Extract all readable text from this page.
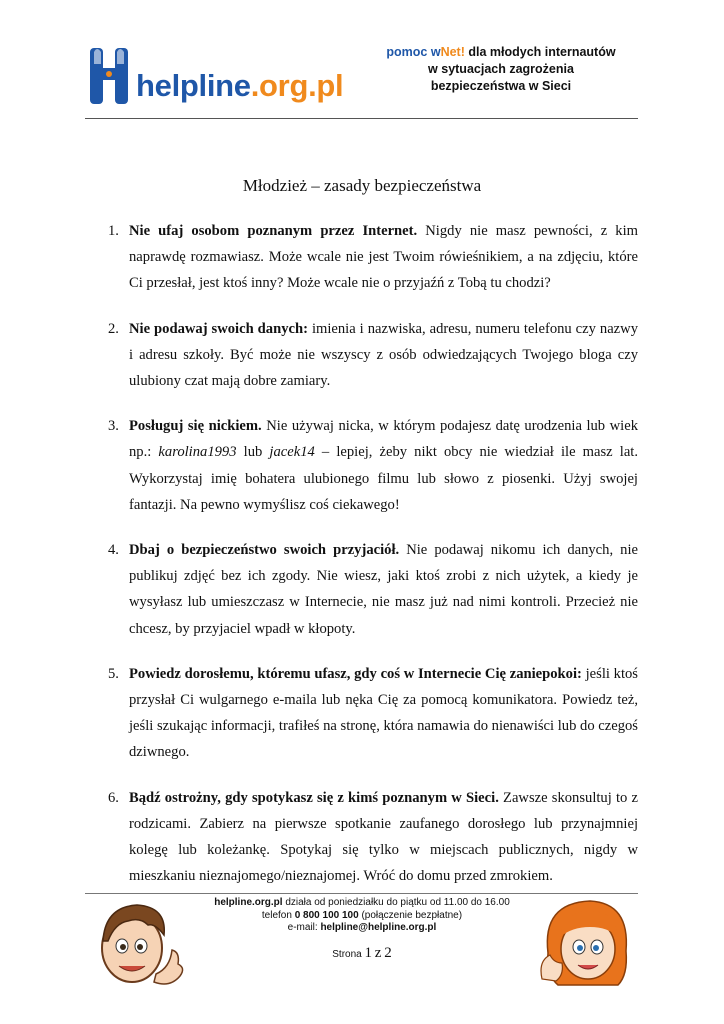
helpline.org.pl
pomoc wNet! dla młodych internautów
w sytuacjach zagrożenia
bezpieczeństwa w Sieci
Młodzież – zasady bezpieczeństwa
1. Nie ufaj osobom poznanym przez Internet. Nigdy nie masz pewności, z kim naprawdę rozmawiasz. Może wcale nie jest Twoim rówieśnikiem, a na zdjęciu, które Ci przesłał, jest ktoś inny? Może wcale nie o przyjaźń z Tobą tu chodzi?
2. Nie podawaj swoich danych: imienia i nazwiska, adresu, numeru telefonu czy nazwy i adresu szkoły. Być może nie wszyscy z osób odwiedzających Twojego bloga czy ulubiony czat mają dobre zamiary.
3. Posługuj się nickiem. Nie używaj nicka, w którym podajesz datę urodzenia lub wiek np.: karolina1993 lub jacek14 – lepiej, żeby nikt obcy nie wiedział ile masz lat. Wykorzystaj imię bohatera ulubionego filmu lub słowo z piosenki. Użyj swojej fantazji. Na pewno wymyślisz coś ciekawego!
4. Dbaj o bezpieczeństwo swoich przyjaciół. Nie podawaj nikomu ich danych, nie publikuj zdjęć bez ich zgody. Nie wiesz, jaki ktoś zrobi z nich użytek, a kiedy je wysyłasz lub umieszczasz w Internecie, nie masz już nad nimi kontroli. Przecież nie chcesz, by przyjaciel wpadł w kłopoty.
5. Powiedz dorosłemu, któremu ufasz, gdy coś w Internecie Cię zaniepokoi: jeśli ktoś przysłał Ci wulgarnego e-maila lub nęka Cię za pomocą komunikatora. Powiedz też, jeśli szukając informacji, trafiłeś na stronę, która namawia do nienawiści lub do czegoś dziwnego.
6. Bądź ostrożny, gdy spotykasz się z kimś poznanym w Sieci. Zawsze skonsultuj to z rodzicami. Zabierz na pierwsze spotkanie zaufanego dorosłego lub przynajmniej kolegę lub koleżankę. Spotykaj się tylko w miejscach publicznych, nigdy w mieszkaniu nieznajomego/nieznajomej. Wróć do domu przed zmrokiem.
helpline.org.pl działa od poniedziałku do piątku od 11.00 do 16.00
telefon 0 800 100 100 (połączenie bezpłatne)
e-mail: helpline@helpline.org.pl
Strona 1 z 2
